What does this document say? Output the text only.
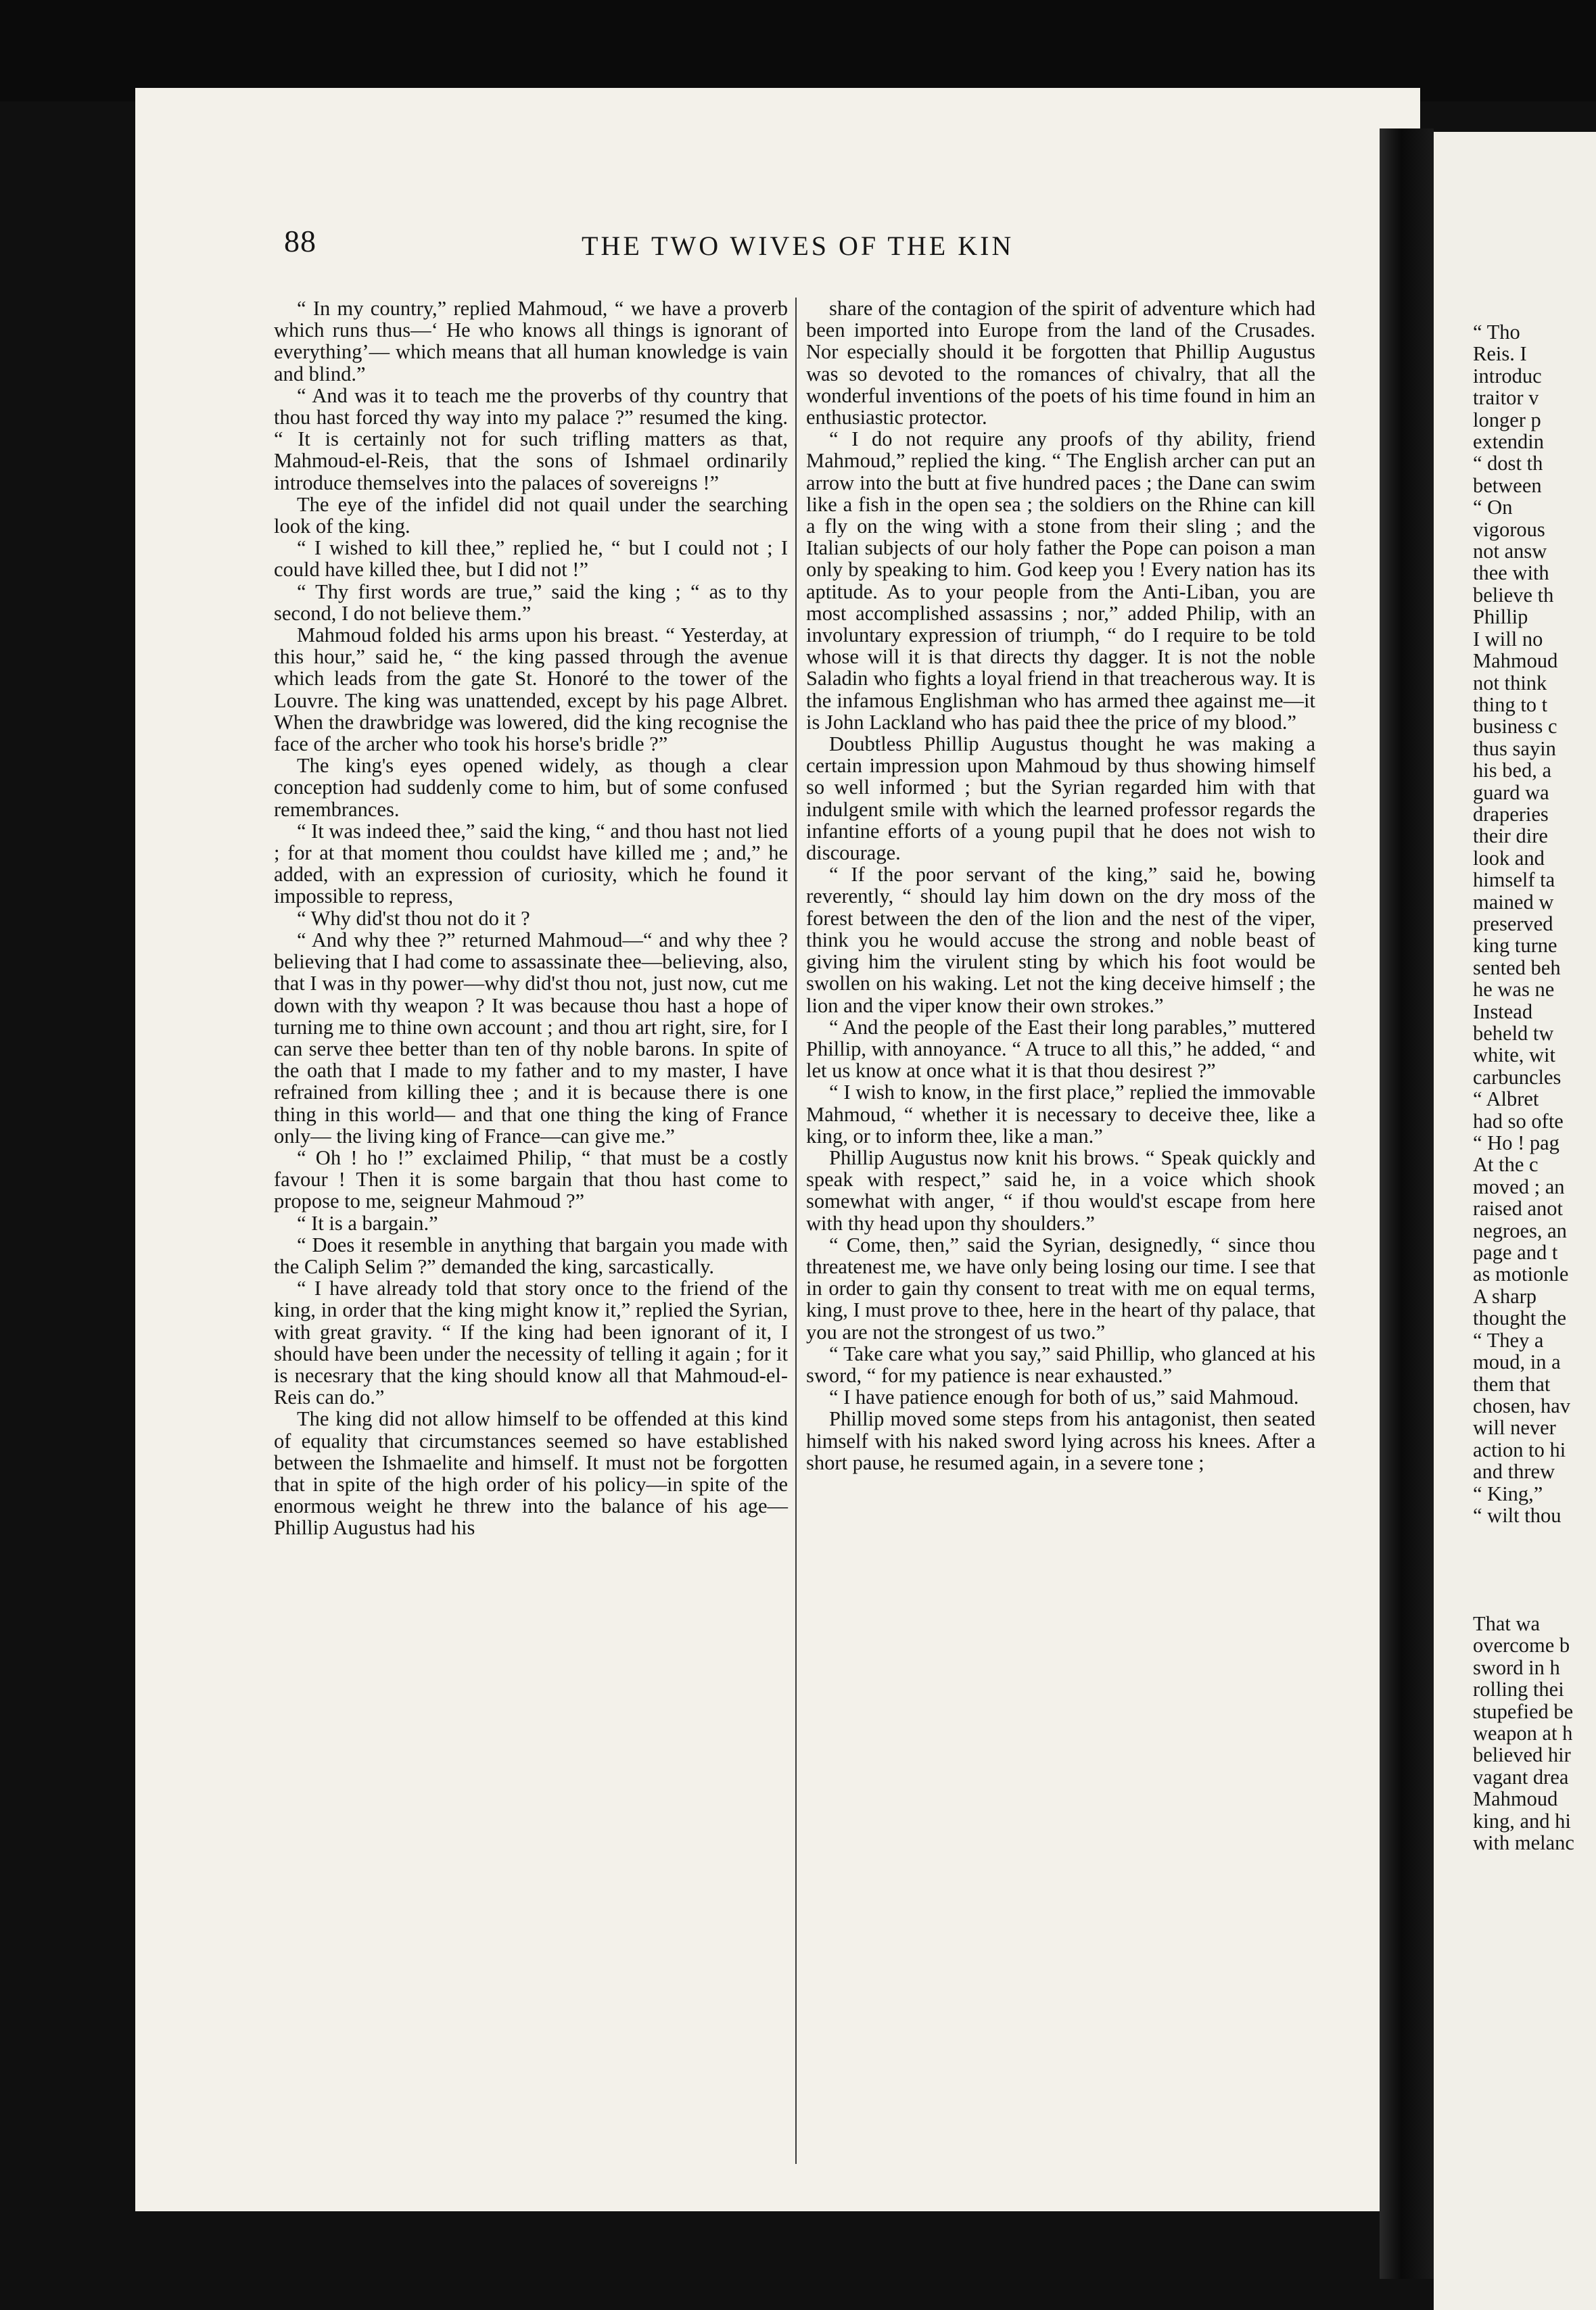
88	THE TWO WIVES OF THE KIN

“ In my country,” replied Mahmoud, “ we have a proverb which runs thus—‘ He who knows all things is ignorant of everything’— which means that all human knowledge is vain and blind.”

“ And was it to teach me the proverbs of thy country that thou hast forced thy way into my palace ?” resumed the king. “ It is certainly not for such trifling matters as that, Mahmoud-el-Reis, that the sons of Ishmael ordinarily introduce themselves into the palaces of sovereigns !”

The eye of the infidel did not quail under the searching look of the king.

“ I wished to kill thee,” replied he, “ but I could not ; I could have killed thee, but I did not !”

“ Thy first words are true,” said the king ; “ as to thy second, I do not believe them.”

Mahmoud folded his arms upon his breast. “ Yesterday, at this hour,” said he, “ the king passed through the avenue which leads from the gate St. Honoré to the tower of the Louvre. The king was unattended, except by his page Albret. When the drawbridge was lowered, did the king recognise the face of the archer who took his horse's bridle ?”

The king's eyes opened widely, as though a clear conception had suddenly come to him, but of some confused remembrances.

“ It was indeed thee,” said the king, “ and thou hast not lied ; for at that moment thou couldst have killed me ; and,” he added, with an expression of curiosity, which he found it impossible to repress,

“ Why did'st thou not do it ?

“ And why thee ?” returned Mahmoud—“ and why thee ? believing that I had come to assassinate thee—believing, also, that I was in thy power—why did'st thou not, just now, cut me down with thy weapon ? It was because thou hast a hope of turning me to thine own account ; and thou art right, sire, for I can serve thee better than ten of thy noble barons. In spite of the oath that I made to my father and to my master, I have refrained from killing thee ; and it is because there is one thing in this world— and that one thing the king of France only— the living king of France—can give me.”

“ Oh ! ho !” exclaimed Philip, “ that must be a costly favour ! Then it is some bargain that thou hast come to propose to me, seigneur Mahmoud ?”

“ It is a bargain.”

“ Does it resemble in anything that bargain you made with the Caliph Selim ?” demanded the king, sarcastically.

“ I have already told that story once to the friend of the king, in order that the king might know it,” replied the Syrian, with great gravity. “ If the king had been ignorant of it, I should have been under the necessity of telling it again ; for it is necesrary that the king should know all that Mahmoud-el-Reis can do.”

The king did not allow himself to be offended at this kind of equality that circumstances seemed so have established between the Ishmaelite and himself. It must not be forgotten that in spite of the high order of his policy—in spite of the enormous weight he threw into the balance of his age—Phillip Augustus had his

share of the contagion of the spirit of adventure which had been imported into Europe from the land of the Crusades. Nor especially should it be forgotten that Phillip Augustus was so devoted to the romances of chivalry, that all the wonderful inventions of the poets of his time found in him an enthusiastic protector.

“ I do not require any proofs of thy ability, friend Mahmoud,” replied the king. “ The English archer can put an arrow into the butt at five hundred paces ; the Dane can swim like a fish in the open sea ; the soldiers on the Rhine can kill a fly on the wing with a stone from their sling ; and the Italian subjects of our holy father the Pope can poison a man only by speaking to him. God keep you ! Every nation has its aptitude. As to your people from the Anti-Liban, you are most accomplished assassins ; nor,” added Philip, with an involuntary expression of triumph, “ do I require to be told whose will it is that directs thy dagger. It is not the noble Saladin who fights a loyal friend in that treacherous way. It is the infamous Englishman who has armed thee against me—it is John Lackland who has paid thee the price of my blood.”

Doubtless Phillip Augustus thought he was making a certain impression upon Mahmoud by thus showing himself so well informed ; but the Syrian regarded him with that indulgent smile with which the learned professor regards the infantine efforts of a young pupil that he does not wish to discourage.

“ If the poor servant of the king,” said he, bowing reverently, “ should lay him down on the dry moss of the forest between the den of the lion and the nest of the viper, think you he would accuse the strong and noble beast of giving him the virulent sting by which his foot would be swollen on his waking. Let not the king deceive himself ; the lion and the viper know their own strokes.”

“ And the people of the East their long parables,” muttered Phillip, with annoyance. “ A truce to all this,” he added, “ and let us know at once what it is that thou desirest ?”

“ I wish to know, in the first place,” replied the immovable Mahmoud, “ whether it is necessary to deceive thee, like a king, or to inform thee, like a man.”

Phillip Augustus now knit his brows. “ Speak quickly and speak with respect,” said he, in a voice which shook somewhat with anger, “ if thou would'st escape from here with thy head upon thy shoulders.”

“ Come, then,” said the Syrian, designedly, “ since thou threatenest me, we have only being losing our time. I see that in order to gain thy consent to treat with me on equal terms, king, I must prove to thee, here in the heart of thy palace, that you are not the strongest of us two.”

“ Take care what you say,” said Phillip, who glanced at his sword, “ for my patience is near exhausted.”

“ I have patience enough for both of us,” said Mahmoud.

Phillip moved some steps from his antagonist, then seated himself with his naked sword lying across his knees. After a short pause, he resumed again, in a severe tone ;

“ Tho
Reis. I
introduc
traitor v
longer p
extendin
“ dost th
between
“ On
vigorous
not answ
thee with
believe th
Phillip
I will no
Mahmoud
not think
thing to t
business c
thus sayin
his bed, a
guard wa
draperies
their dire
look and
himself ta
mained w
preserved
king turne
sented beh
he was ne
Instead
beheld tw
white, wit
carbuncles
“ Albret
had so ofte
“ Ho ! pag
At the c
moved ; an
raised anot
negroes, an
page and t
as motionle
A sharp
thought the
“ They a
moud, in a
them that
chosen, hav
will never
action to hi
and threw
“ King,”
“ wilt thou
That wa
overcome b
sword in h
rolling thei
stupefied be
weapon at h
believed hir
vagant drea
Mahmoud
king, and hi
with melanc
